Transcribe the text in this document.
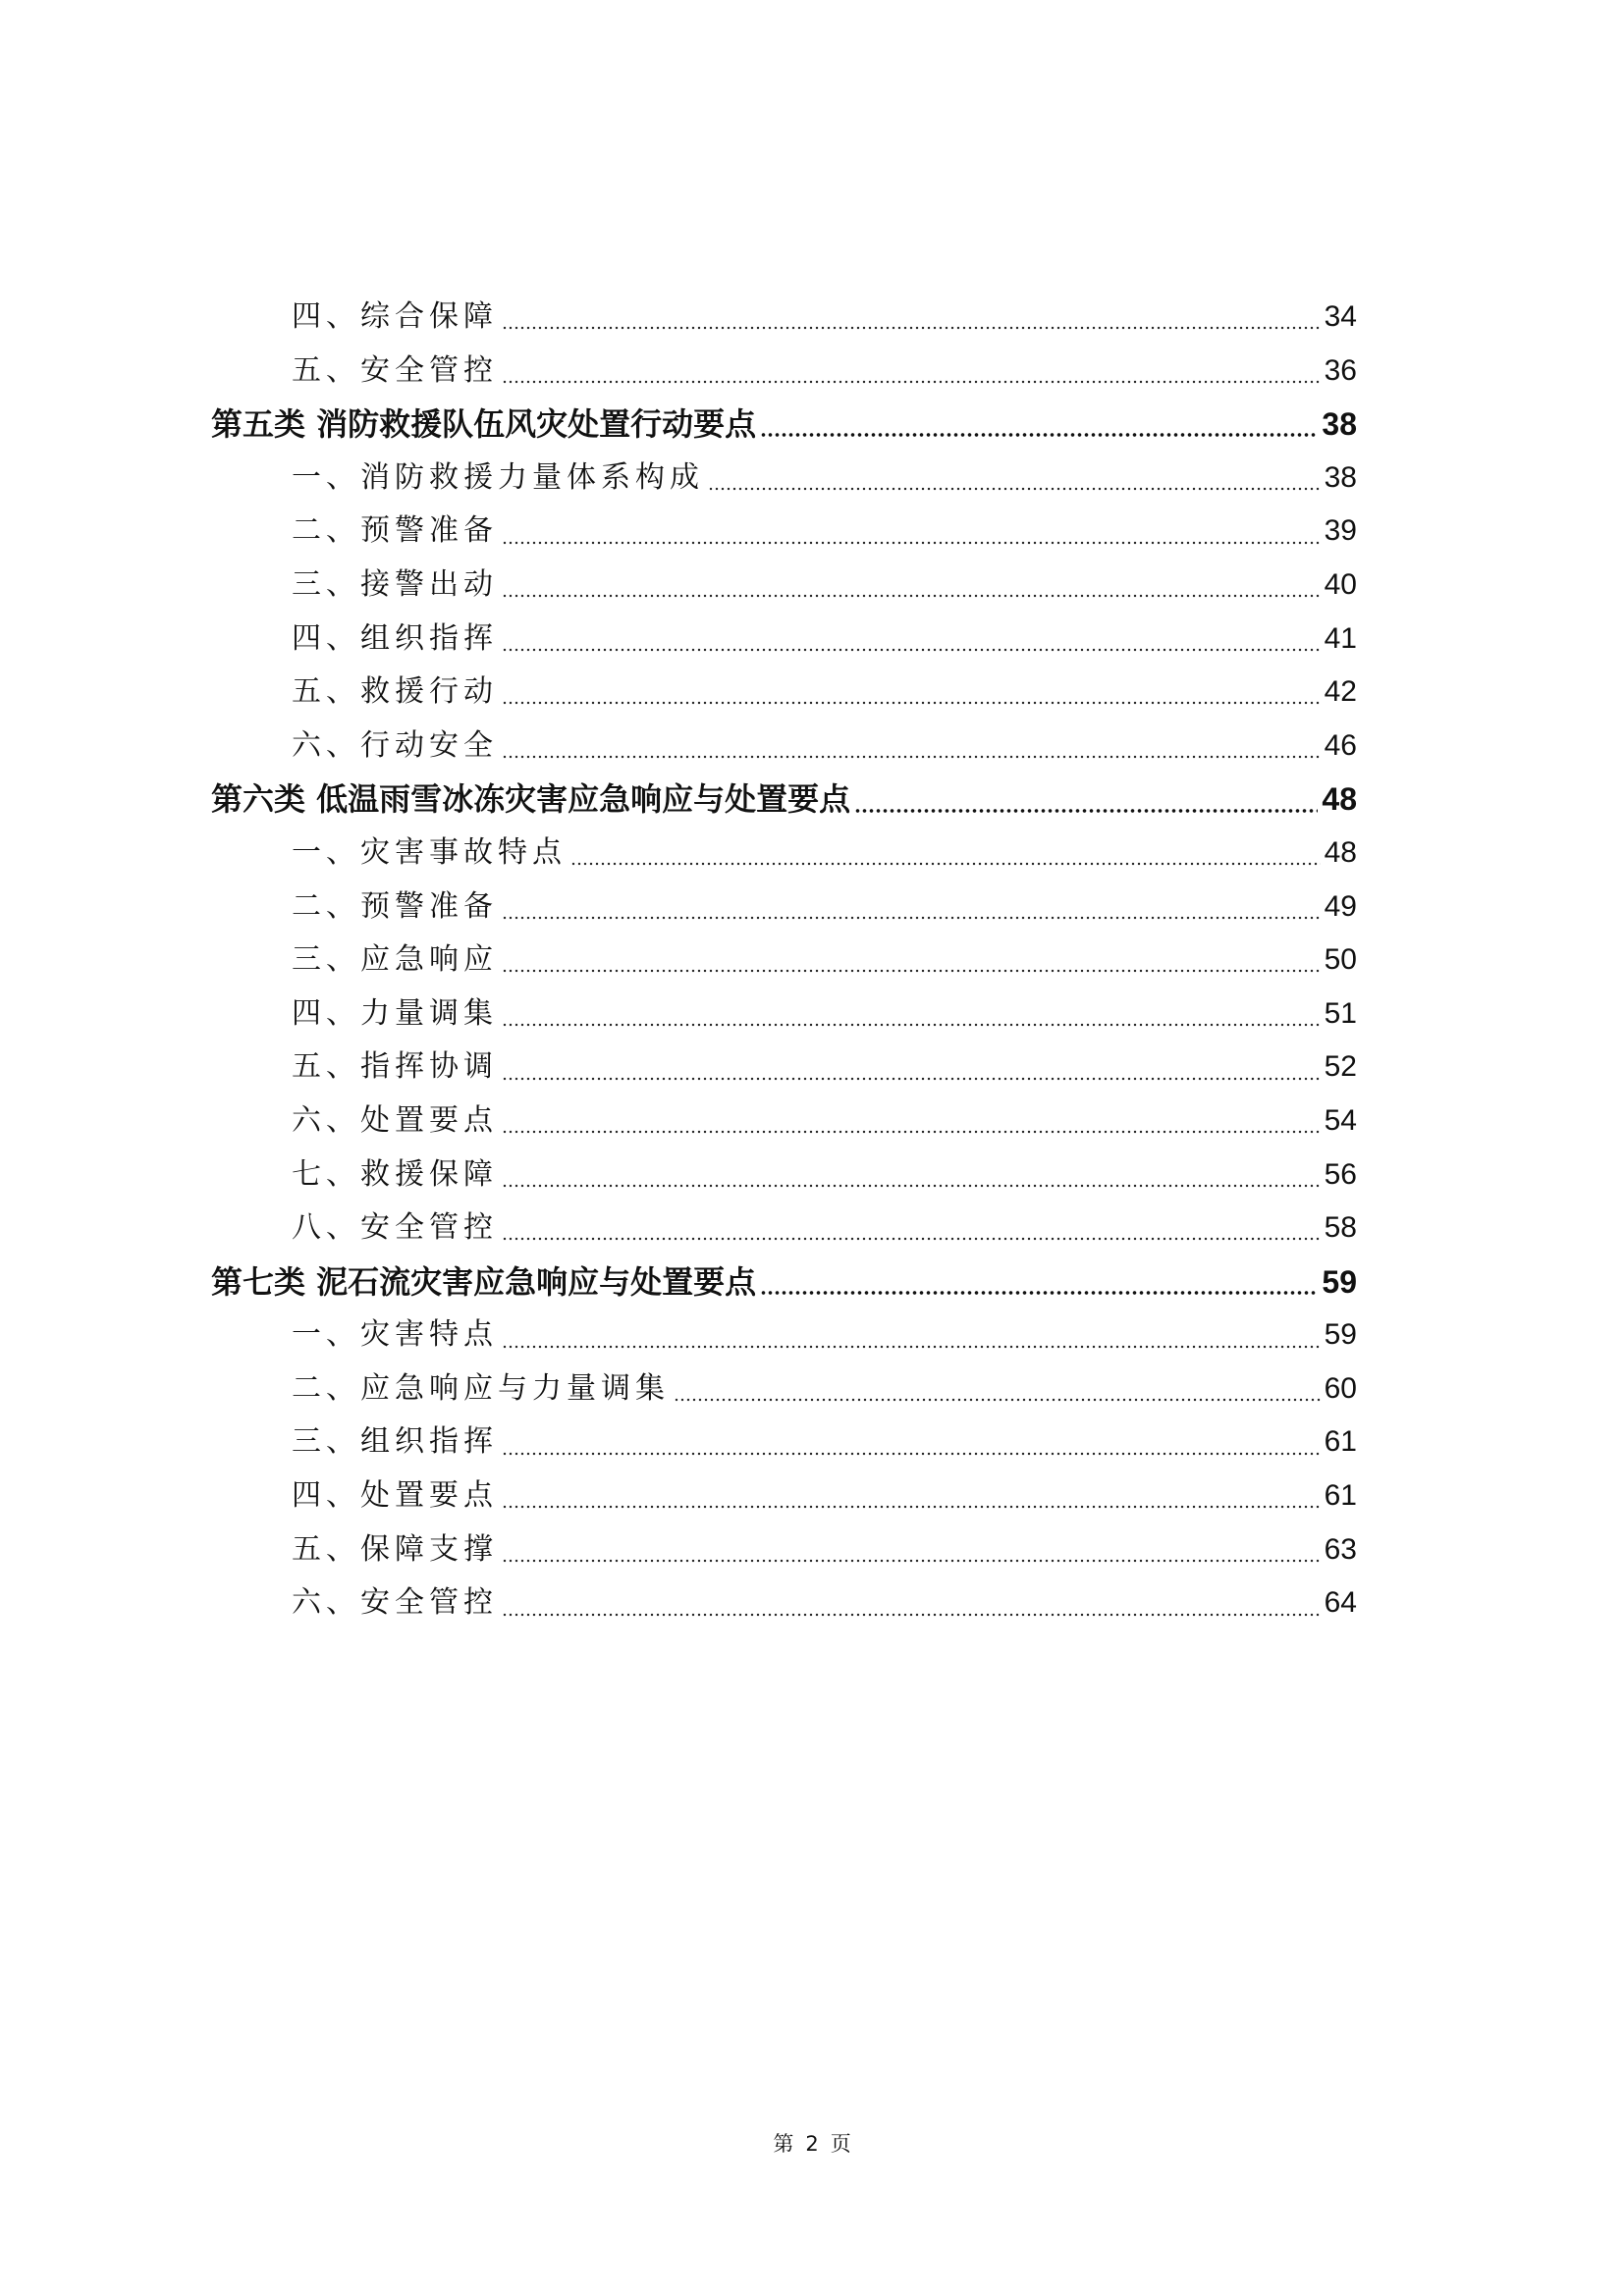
四、综合保障	34
五、安全管控	36
第五类 消防救援队伍风灾处置行动要点	38
一、消防救援力量体系构成	38
二、预警准备	39
三、接警出动	40
四、组织指挥	41
五、救援行动	42
六、行动安全	46
第六类 低温雨雪冰冻灾害应急响应与处置要点	48
一、灾害事故特点	48
二、预警准备	49
三、应急响应	50
四、力量调集	51
五、指挥协调	52
六、处置要点	54
七、救援保障	56
八、安全管控	58
第七类 泥石流灾害应急响应与处置要点	59
一、灾害特点	59
二、应急响应与力量调集	60
三、组织指挥	61
四、处置要点	61
五、保障支撑	63
六、安全管控	64
第 2 页
